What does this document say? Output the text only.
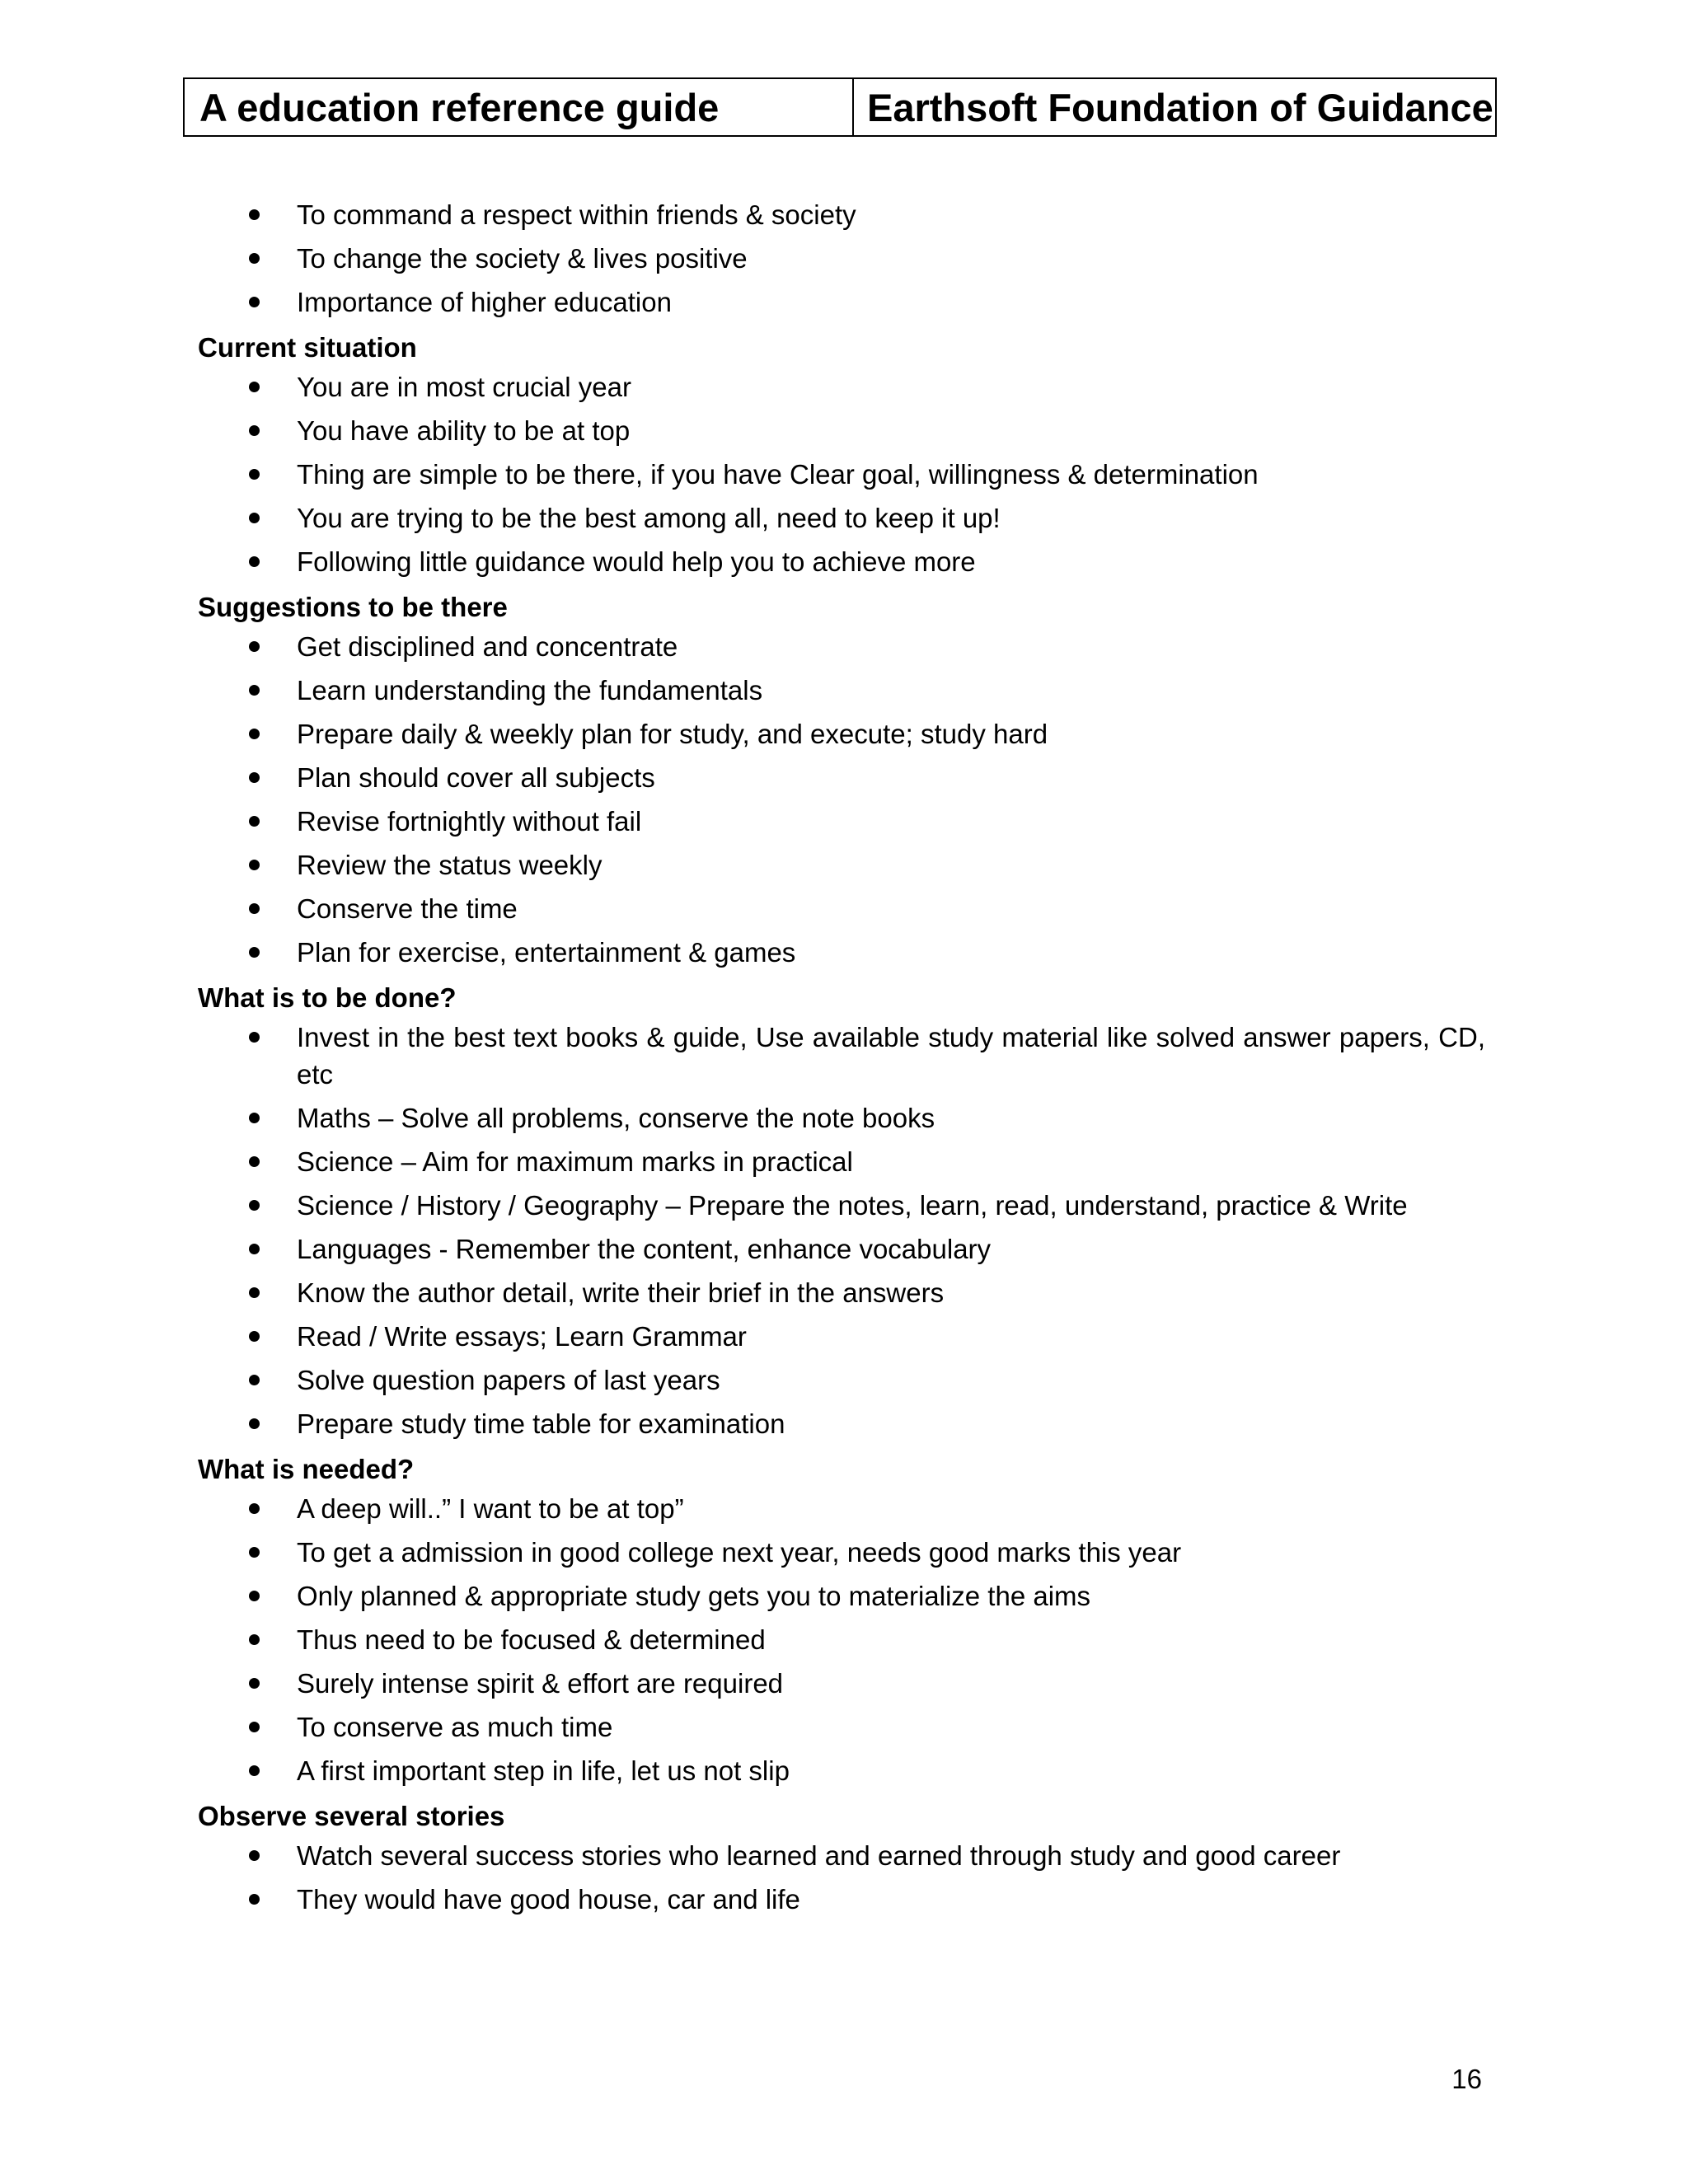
A education reference guide	Earthsoft Foundation of Guidance
To command a respect within friends & society
To change the society & lives positive
Importance of higher education
Current situation
You are in most crucial year
You have ability to be at top
Thing are simple to be there, if you have Clear goal, willingness & determination
You are trying to be the best among all, need to keep it up!
Following little guidance would help you to achieve more
Suggestions to be there
Get disciplined and concentrate
Learn understanding the fundamentals
Prepare daily & weekly plan for study, and execute; study hard
Plan should cover all subjects
Revise fortnightly without fail
Review the status weekly
Conserve the time
Plan for exercise, entertainment & games
What is to be done?
Invest in the best text books & guide, Use available study material like solved answer papers, CD, etc
Maths – Solve all problems, conserve the note books
Science – Aim for maximum marks in practical
Science / History / Geography – Prepare the notes, learn, read, understand, practice & Write
Languages - Remember the content, enhance vocabulary
Know the author detail, write their brief in the answers
Read / Write essays; Learn Grammar
Solve question papers of last years
Prepare study time table for examination
What is needed?
A deep will..” I want to be at top”
To get a admission in good college next year, needs good marks this year
Only planned & appropriate study gets you to materialize the aims
Thus need to be focused & determined
Surely intense spirit & effort are required
To conserve as much time
A first important step in life, let us not slip
Observe several stories
Watch several success stories who learned and earned through study and good career
They would have good house, car and life
16
